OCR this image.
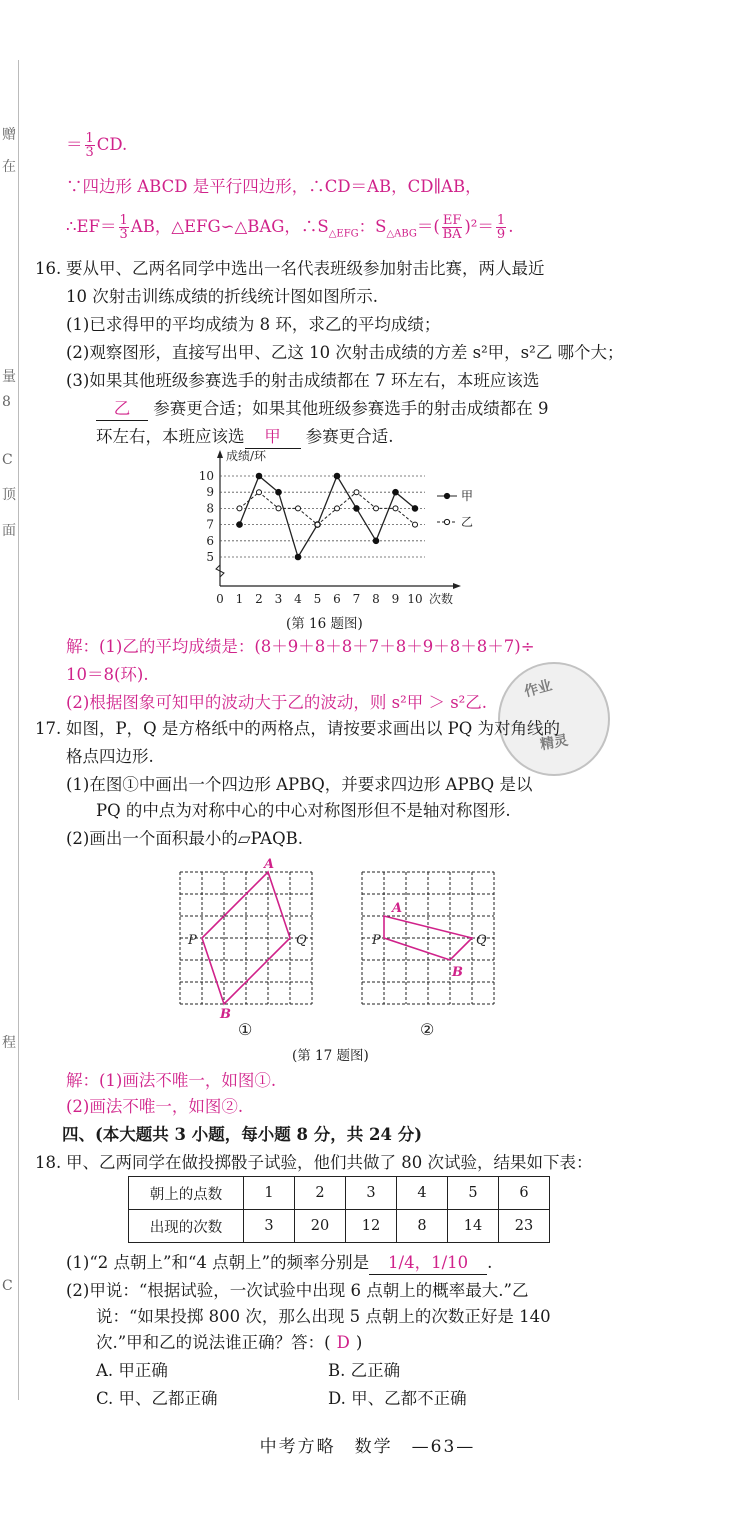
赠
在
量
8
C
顶
面
程
C
＝ $\frac{1}{3}$ CD.
∵四边形 ABCD 是平行四边形，∴CD＝AB，CD∥AB，
∴EF＝ $\frac{1}{3}$ AB，△EFG∽△BAG，$\therefore S_{\triangle EFG}$：$S_{\triangle ABG}=( \frac{EF}{BA} )^2= \frac{1}{9}$ .
16. 要从甲、乙两名同学中选出一名代表班级参加射击比赛，两人最近
10 次射击训练成绩的折线统计图如图所示.
(1)已求得甲的平均成绩为 8 环，求乙的平均成绩；
(2)观察图形，直接写出甲、乙这 10 次射击成绩的方差 s²甲，s²乙 哪个大；
(3)如果其他班级参赛选手的射击成绩都在 7 环左右，本班应该选
乙 参赛更合适；如果其他班级参赛选手的射击成绩都在 9
环左右，本班应该选 甲 参赛更合适.
5
6
7
8
9
10
0 1 2 3 4 5 6 7 8 9 10 次数
成绩/环
甲
乙
(第 16 题图)
解：(1)乙的平均成绩是：(8＋9＋8＋8＋7＋8＋9＋8＋8＋7)÷
10＝8(环).
(2)根据图象可知甲的波动大于乙的波动，则 s²甲 ＞ s²乙.
作业
精灵
17. 如图，P，Q 是方格纸中的两格点，请按要求画出以 PQ 为对角线的
格点四边形.
(1)在图①中画出一个四边形 APBQ，并要求四边形 APBQ 是以
PQ 的中点为对称中心的中心对称图形但不是轴对称图形.
(2)画出一个面积最小的▱PAQB.
A
P	Q
B
①
A
P	Q
B
②
(第 17 题图)
解：(1)画法不唯一，如图①.
(2)画法不唯一，如图②.
四、(本大题共 3 小题，每小题 8 分，共 24 分)
18. 甲、乙两同学在做投掷骰子试验，他们共做了 80 次试验，结果如下表：
朝上的点数	1	2	3	4	5	6
出现的次数	3	20	12	8	14	23
(1)“2 点朝上”和“4 点朝上”的频率分别是 1/4，1/10 .
(2)甲说：“根据试验，一次试验中出现 6 点朝上的概率最大.”乙
说：“如果投掷 800 次，那么出现 5 点朝上的次数正好是 140
次.”甲和乙的说法谁正确？答：( D )
A. 甲正确	B. 乙正确
C. 甲、乙都正确	D. 甲、乙都不正确
中考方略　数学　—63—
